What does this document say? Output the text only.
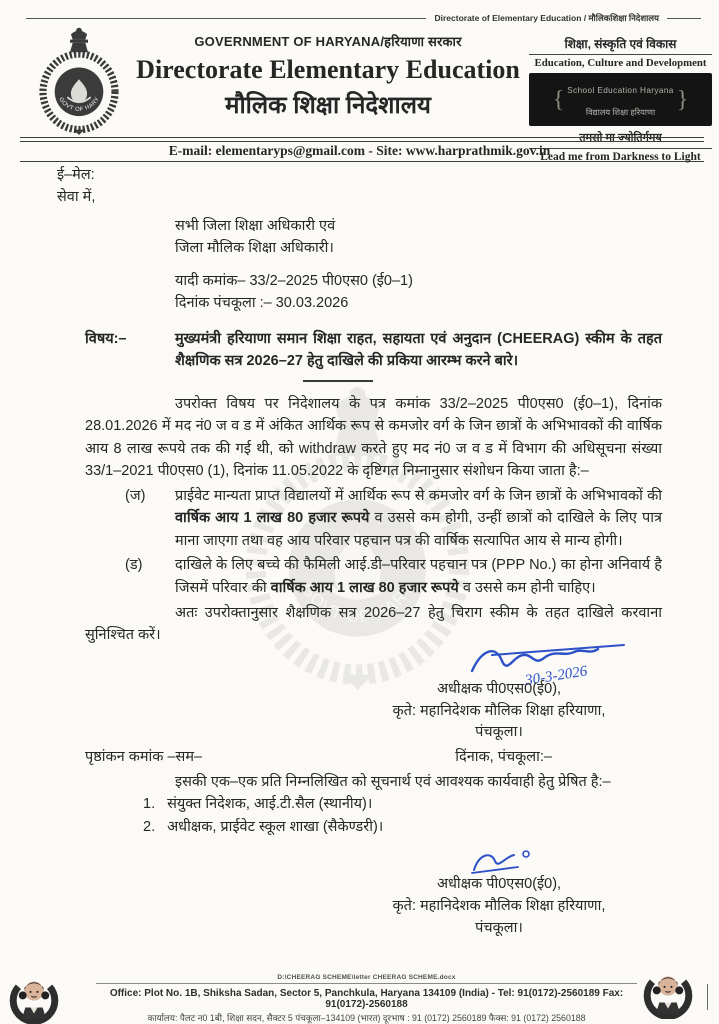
Directorate of Elementary Education / मौलिकशिक्षा निदेशालय
GOVERNMENT OF HARYANA/हरियाणा सरकार
Directorate Elementary Education
मौलिक शिक्षा निदेशालय
शिक्षा, संस्कृति एवं विकास
Education, Culture and Development
{ School Education Haryana
विद्यालय शिक्षा हरियाणा }
तमसो मा ज्योतिर्गमय
Lead me from Darkness to Light
E-mail: elementaryps@gmail.com - Site: www.harprathmik.gov.in
ई–मेल:
सेवा में,
सभी जिला शिक्षा अधिकारी एवं
जिला मौलिक शिक्षा अधिकारी।
यादी कमांक– 33/2–2025 पी0एस0 (ई0–1)
दिनांक पंचकूला :– 30.03.2026
विषय:–	मुख्यमंत्री हरियाणा समान शिक्षा राहत, सहायता एवं अनुदान (CHEERAG) स्कीम के तहत शैक्षणिक सत्र 2026–27 हेतु दाखिले की प्रकिया आरम्भ करने बारे।
उपरोक्त विषय पर निदेशालय के पत्र कमांक 33/2–2025 पी0एस0 (ई0–1), दिनांक 28.01.2026 में मद नं0 ज व ड में अंकित आर्थिक रूप से कमजोर वर्ग के जिन छात्रों के अभिभावकों की वार्षिक आय 8 लाख रूपये तक की गई थी, को withdraw करते हुए मद नं0 ज व ड में विभाग की अधिसूचना संख्या 33/1–2021 पी0एस0 (1), दिनांक 11.05.2022 के दृष्टिगत निम्नानुसार संशोधन किया जाता है:–
(ज)	प्राईवेट मान्यता प्राप्त विद्यालयों में आर्थिक रूप से कमजोर वर्ग के जिन छात्रों के अभिभावकों की वार्षिक आय 1 लाख 80 हजार रूपये व उससे कम होगी, उन्हीं छात्रों को दाखिले के लिए पात्र माना जाएगा तथा वह आय परिवार पहचान पत्र की वार्षिक सत्यापित आय से मान्य होगी।
(ड)	दाखिले के लिए बच्चे की फैमिली आई.डी–परिवार पहचान पत्र (PPP No.) का होना अनिवार्य है जिसमें परिवार की वार्षिक आय 1 लाख 80 हजार रूपये व उससे कम होनी चाहिए।
अतः उपरोक्तानुसार शैक्षणिक सत्र 2026–27 हेतु चिराग स्कीम के तहत दाखिले करवाना सुनिश्चित करें।
30-3-2026
अधीक्षक पी0एस0(ई0),
कृते: महानिदेशक मौलिक शिक्षा हरियाणा,
पंचकूला।
पृष्ठांकन कमांक –सम–	दिंनाक, पंचकूला:–
इसकी एक–एक प्रति निम्नलिखित को सूचनार्थ एवं आवश्यक कार्यवाही हेतु प्रेषित है:–
1. संयुक्त निदेशक, आई.टी.सैल (स्थानीय)।
2. अधीक्षक, प्राईवेट स्कूल शाखा (सैकेण्डरी)।
अधीक्षक पी0एस0(ई0),
कृते: महानिदेशक मौलिक शिक्षा हरियाणा,
पंचकूला।
D:\CHEERAG SCHEME\letter CHEERAG SCHEME.docx
Office: Plot No. 1B, Shiksha Sadan, Sector 5, Panchkula, Haryana 134109 (India) - Tel: 91(0172)-2560189 Fax: 91(0172)-2560188
कार्यालय: पैलट न0 1बी, शिक्षा सदन, सैक्टर 5 पंचकूला–134109 (भारत) दूरभाष : 91 (0172) 2560189 फैक्स: 91 (0172) 2560188
